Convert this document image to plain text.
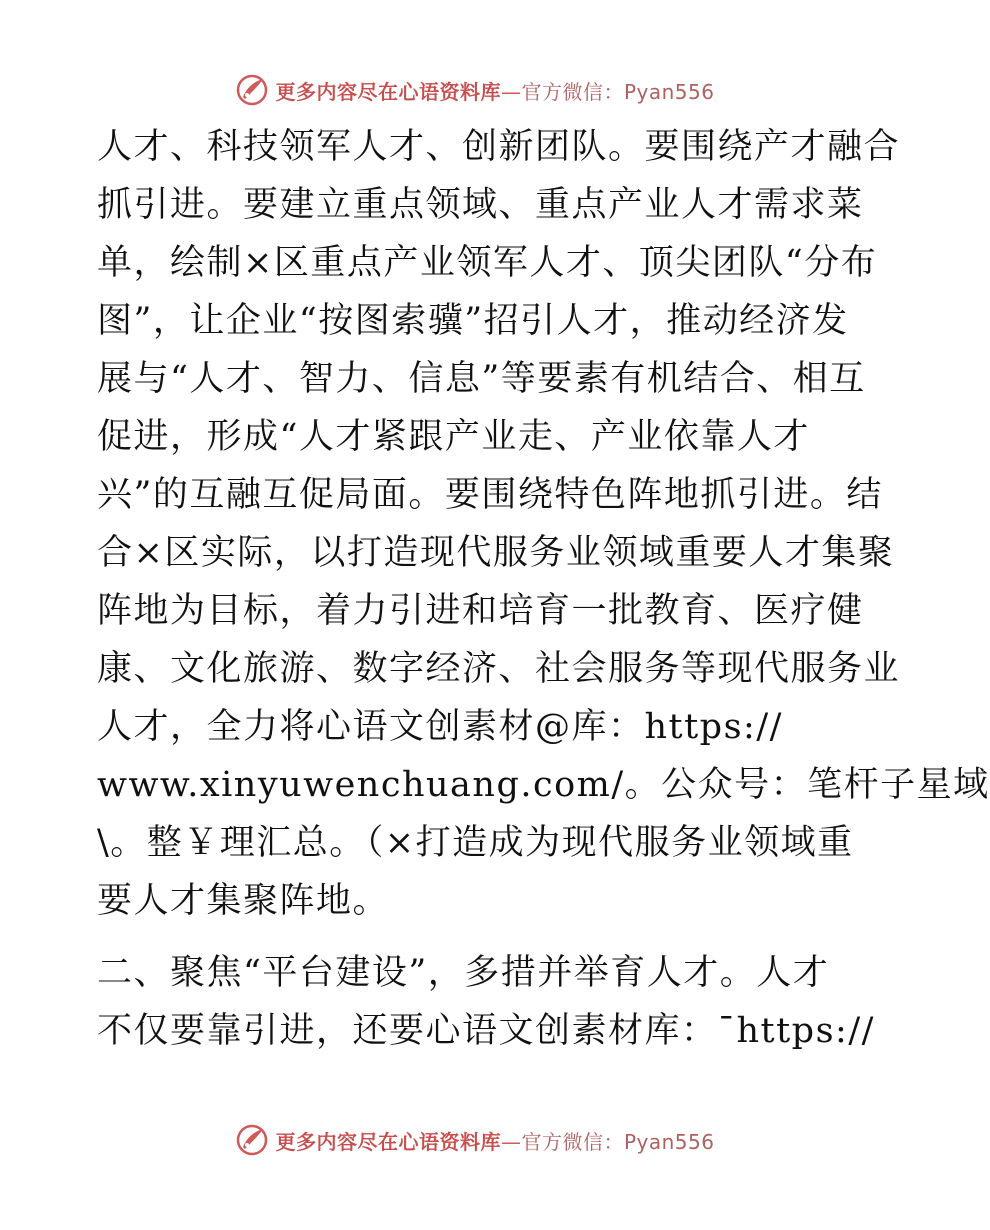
更多内容尽在心语资料库—官方微信：Pyan556
人才、科技领军人才、创新团队。要围绕产才融合
抓引进。要建立重点领域、重点产业人才需求菜
单，绘制×区重点产业领军人才、顶尖团队“分布
图”，让企业“按图索骥”招引人才，推动经济发
展与“人才、智力、信息”等要素有机结合、相互
促进，形成“人才紧跟产业走、产业依靠人才
兴”的互融互促局面。要围绕特色阵地抓引进。结
合×区实际，以打造现代服务业领域重要人才集聚
阵地为目标，着力引进和培育一批教育、医疗健
康、文化旅游、数字经济、社会服务等现代服务业
人才，全力将心语文创素材@库：https://
www.xinyuwenchuang.com/。公众号：笔杆子星域
\。整￥理汇总。（×打造成为现代服务业领域重
要人才集聚阵地。
二、聚焦“平台建设”，多措并举育人才。人才
不仅要靠引进，还要心语文创素材库：¯https://
更多内容尽在心语资料库—官方微信：Pyan556
